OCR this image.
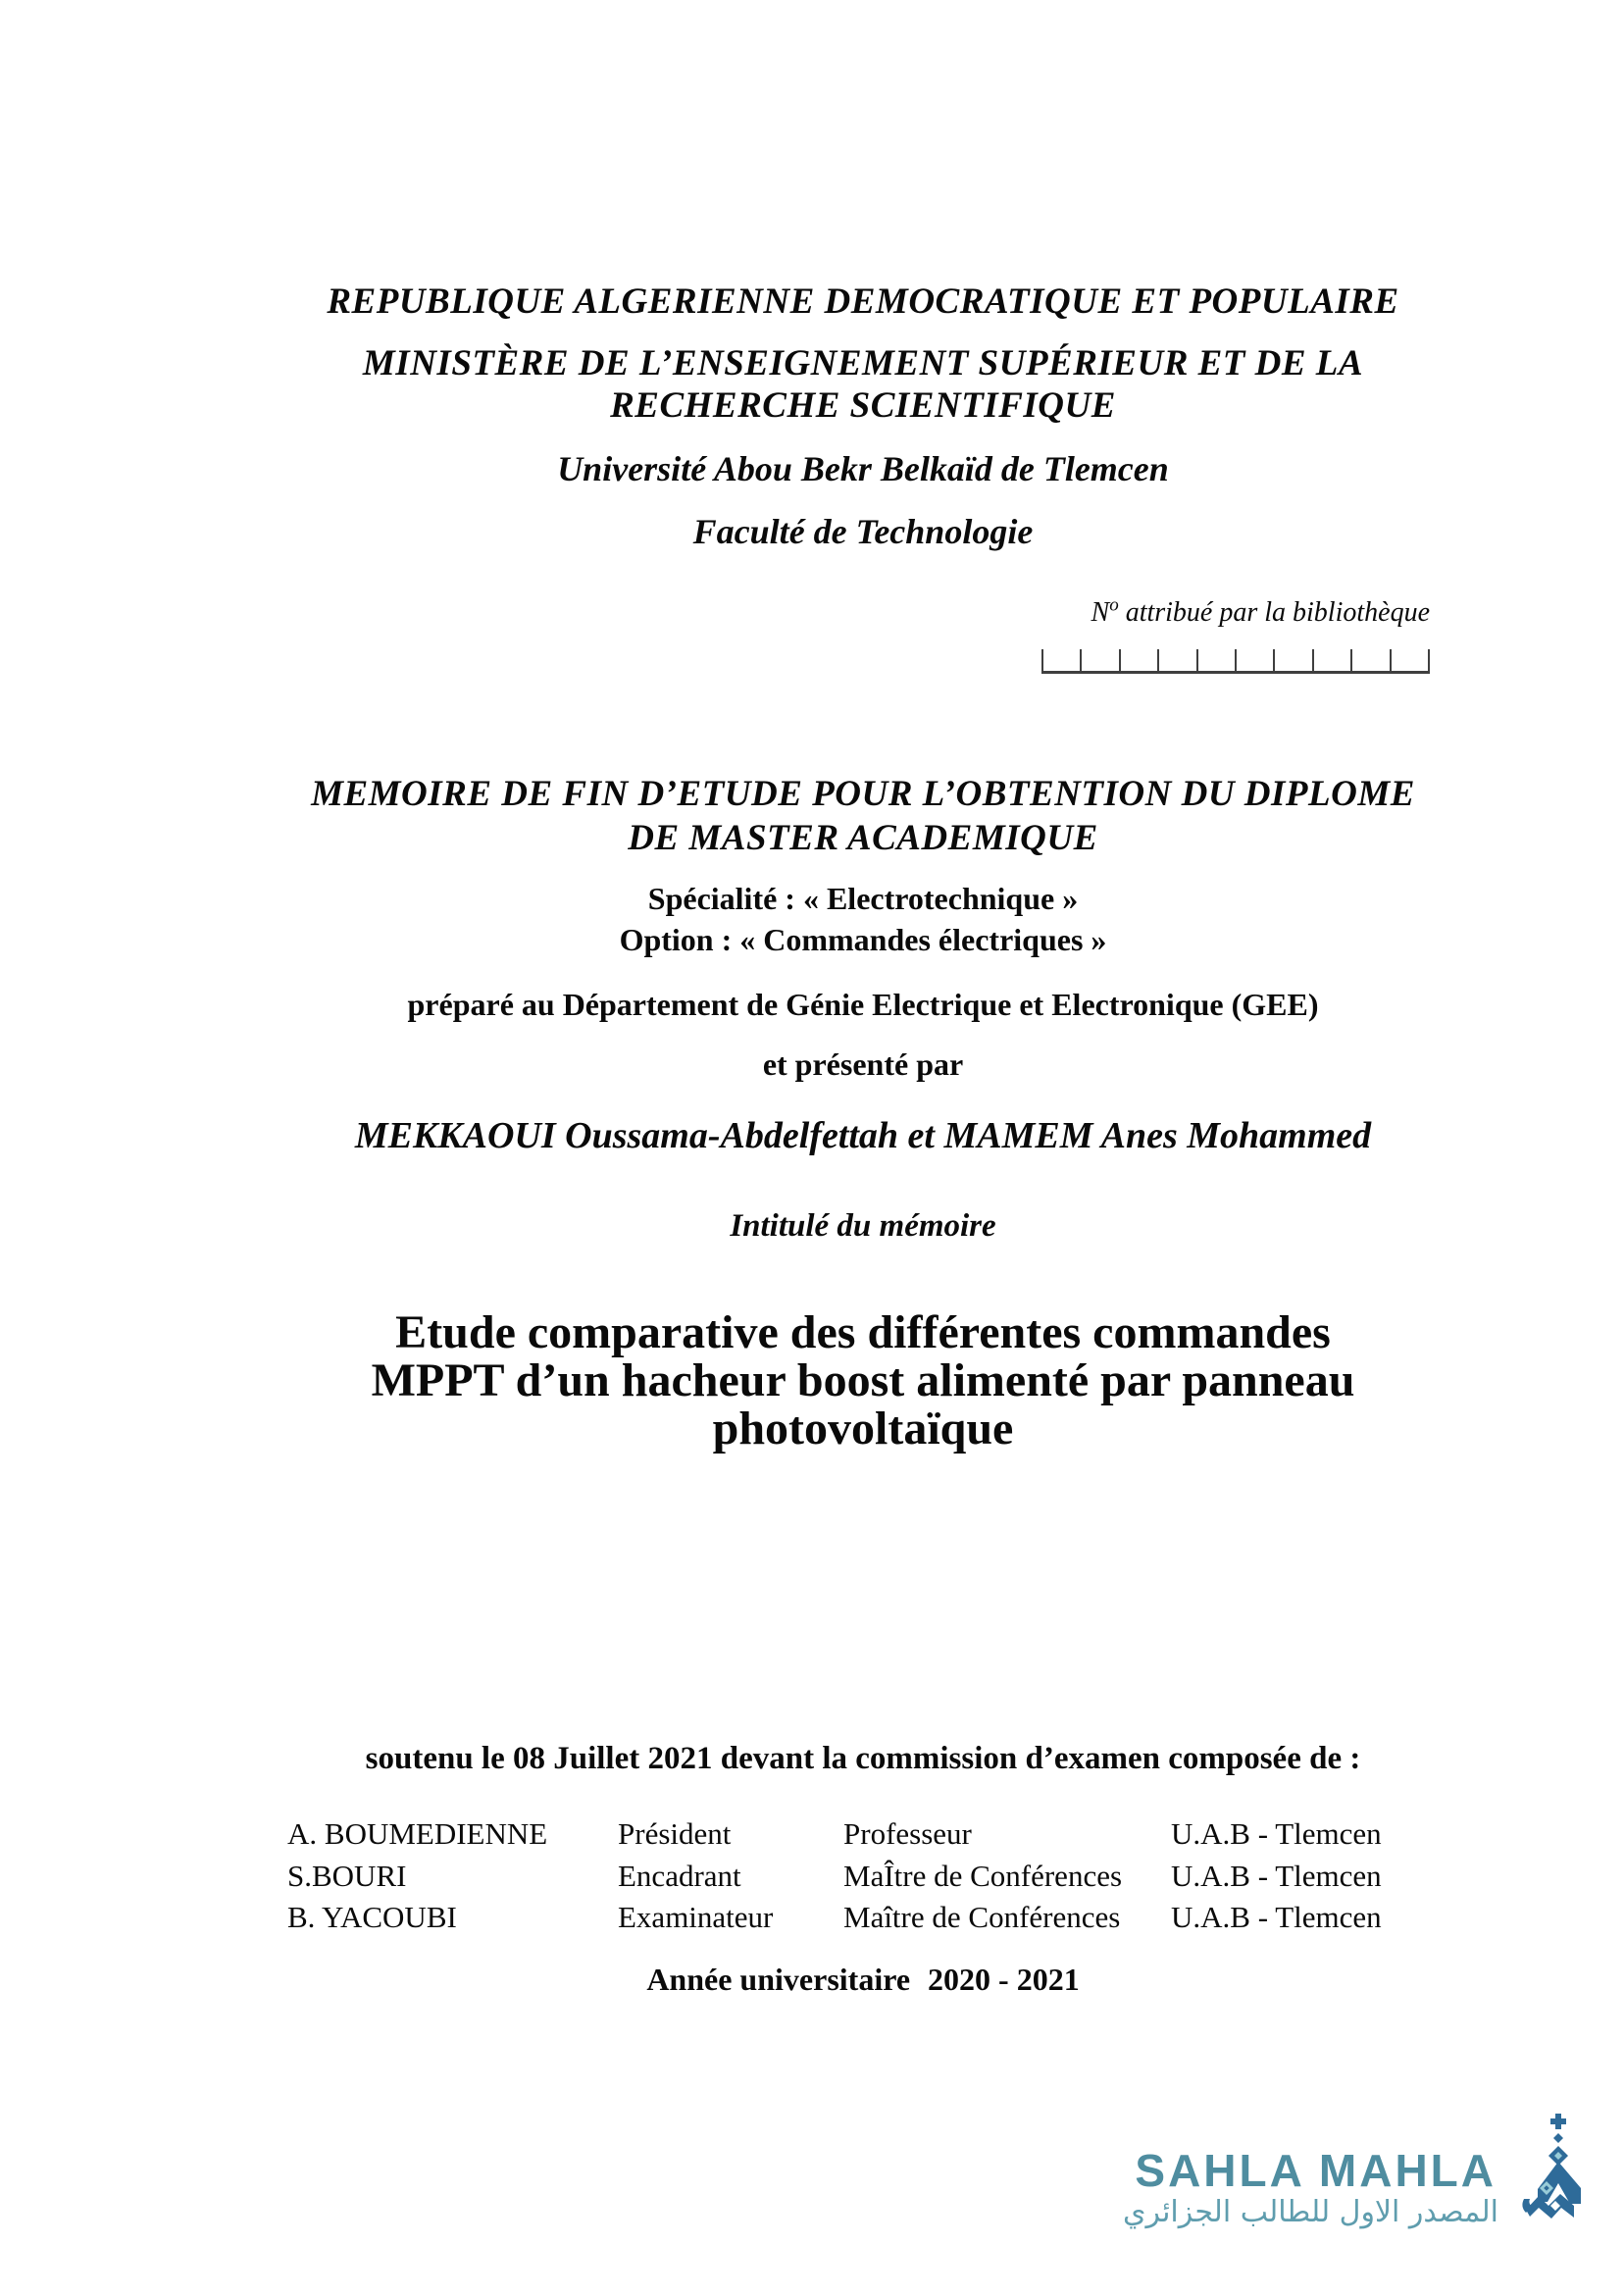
REPUBLIQUE ALGERIENNE DEMOCRATIQUE ET POPULAIRE
MINISTÈRE DE L’ENSEIGNEMENT SUPÉRIEUR ET DE LA
RECHERCHE SCIENTIFIQUE
Université Abou Bekr Belkaïd de Tlemcen
Faculté de Technologie
$N^o$ attribué par la bibliothèque
MEMOIRE DE FIN D’ETUDE POUR L’OBTENTION DU DIPLOME
DE MASTER ACADEMIQUE
Spécialité : « Electrotechnique »
Option : « Commandes électriques »
préparé au Département de Génie Electrique et Electronique (GEE)
et présenté par
MEKKAOUI Oussama-Abdelfettah et MAMEM Anes Mohammed
Intitulé du mémoire
Etude comparative des différentes commandes
MPPT d’un hacheur boost alimenté par panneau
photovoltaïque
soutenu le 08 Juillet 2021 devant la commission d’examen composée de :
A. BOUMEDIENNE	Président	Professeur	U.A.B - Tlemcen
S.BOURI	Encadrant	MaÎtre de Conférences	U.A.B - Tlemcen
B. YACOUBI	Examinateur	Maître de Conférences	U.A.B - Tlemcen
Année universitaire 2020 - 2021
SAHLA MAHLA
المصدر الاول للطالب الجزائري
